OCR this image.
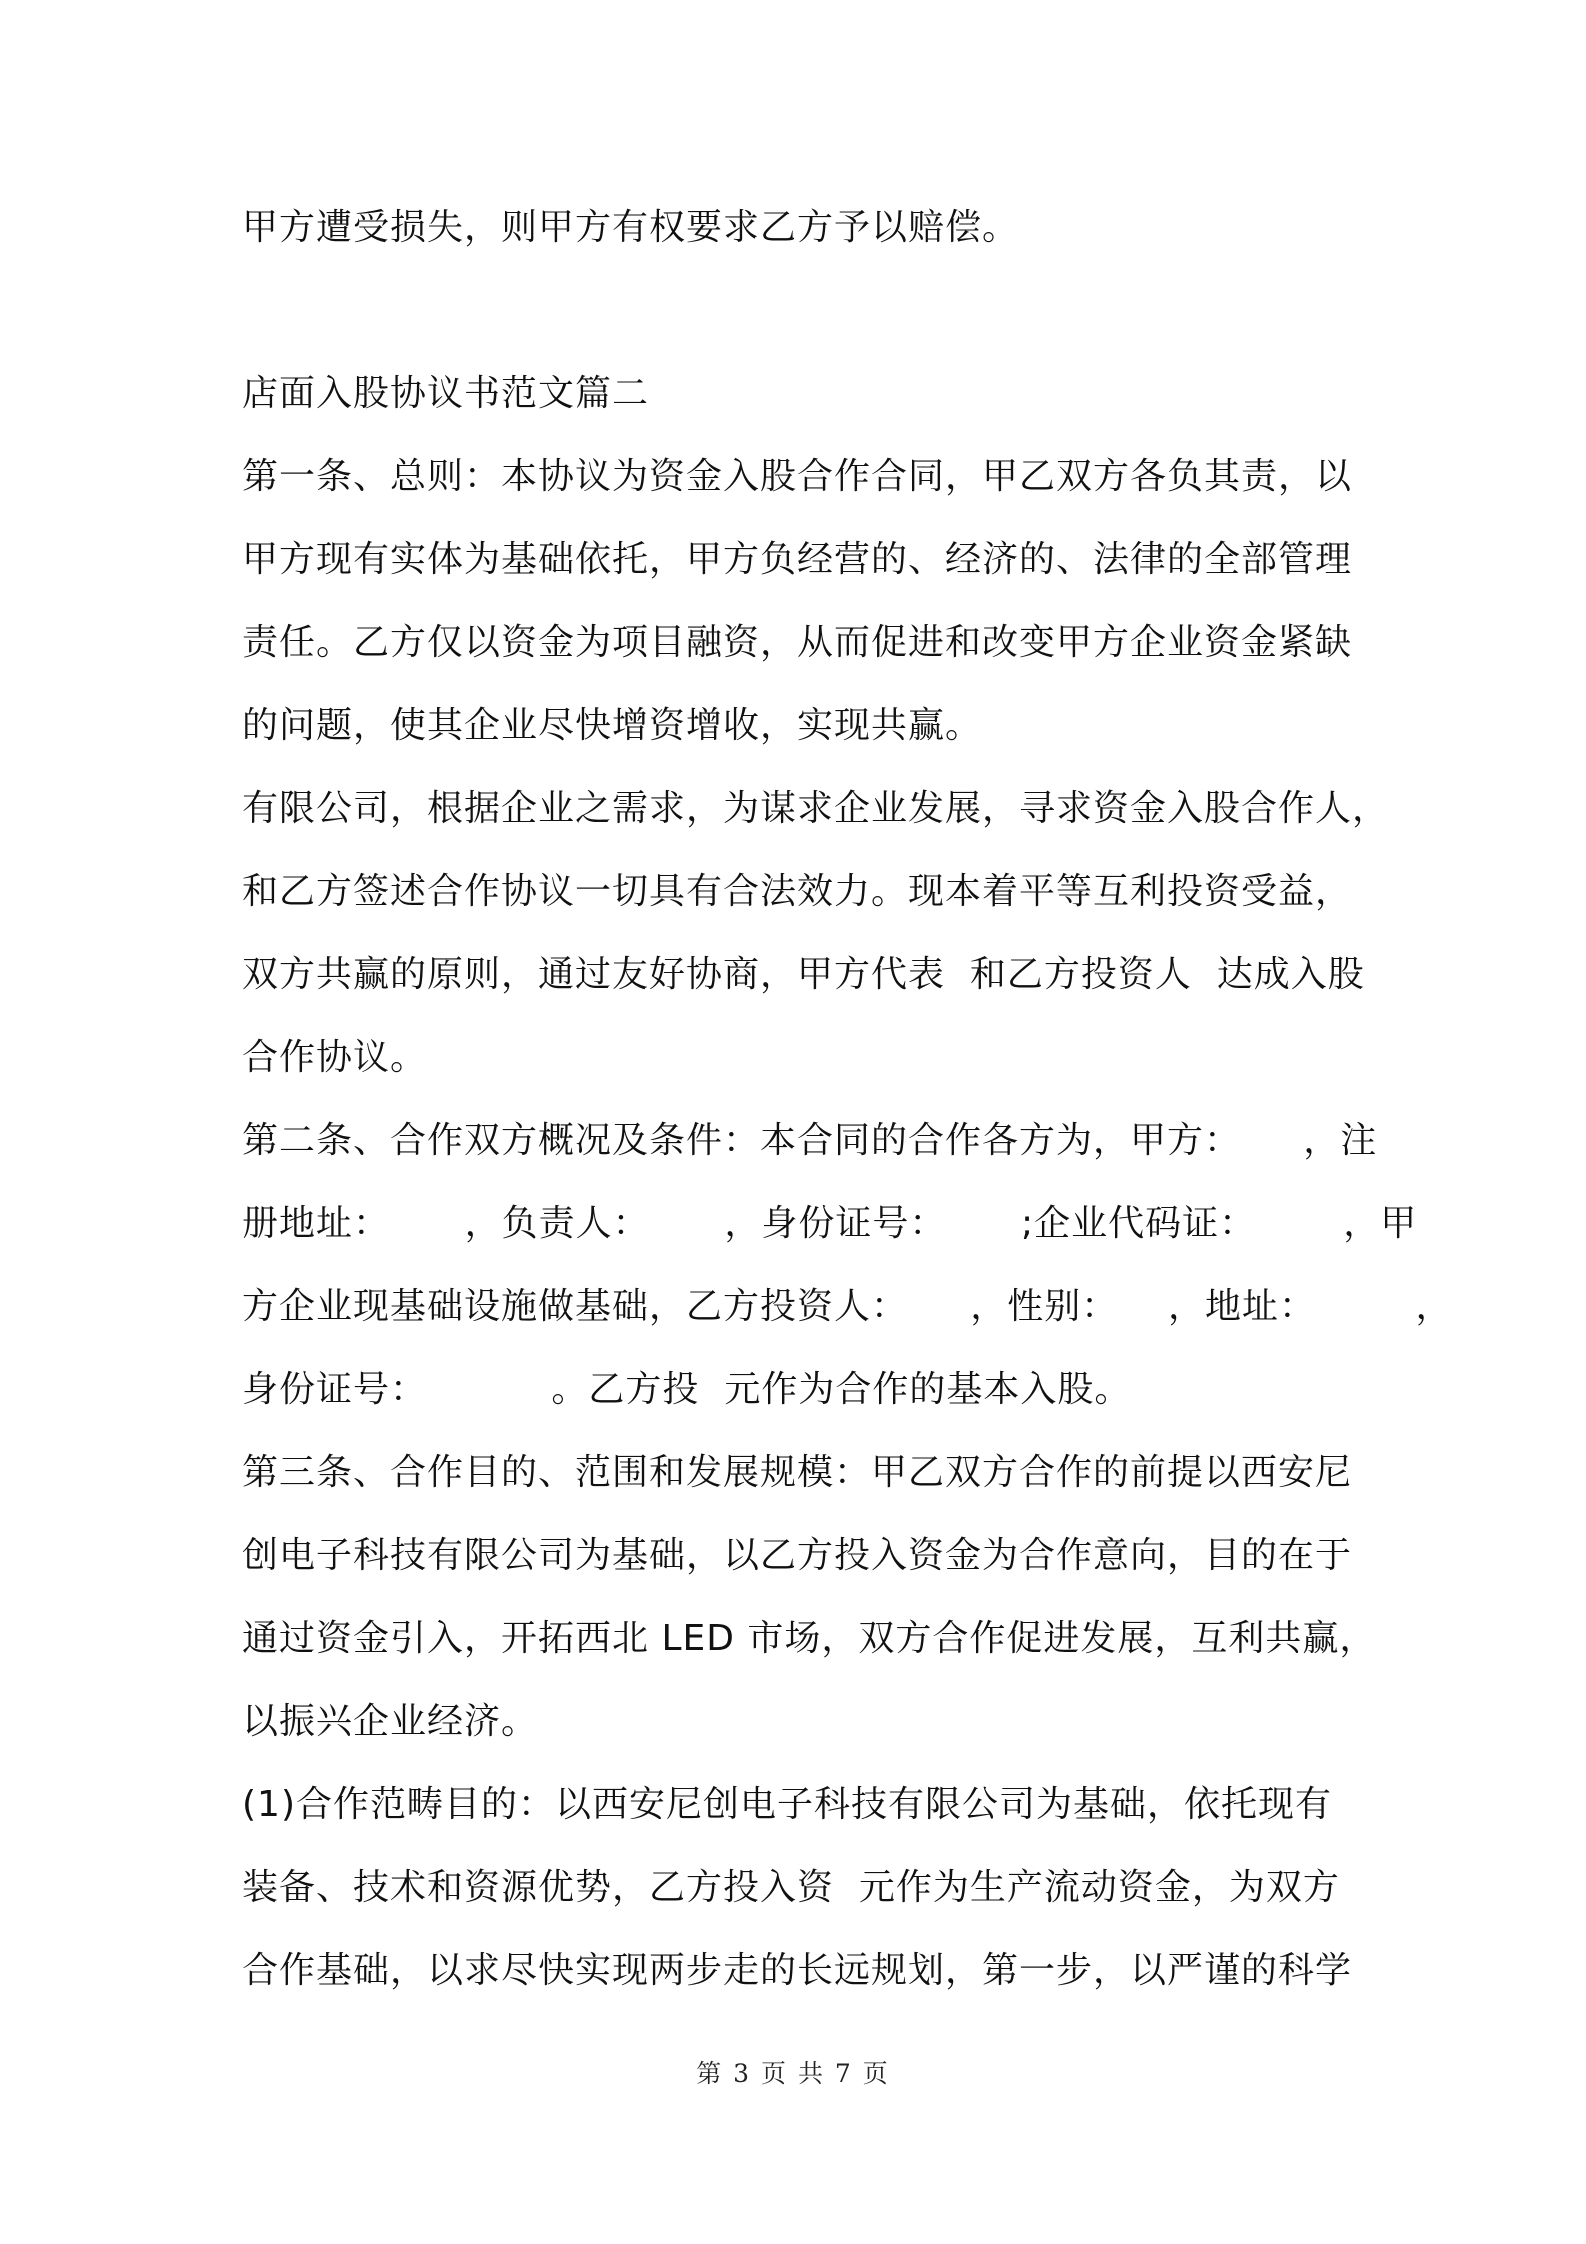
甲方遭受损失，则甲方有权要求乙方予以赔偿。
店面入股协议书范文篇二
第一条、总则：本协议为资金入股合作合同，甲乙双方各负其责，以
甲方现有实体为基础依托，甲方负经营的、经济的、法律的全部管理
责任。乙方仅以资金为项目融资，从而促进和改变甲方企业资金紧缺
的问题，使其企业尽快增资增收，实现共赢。
有限公司，根据企业之需求，为谋求企业发展，寻求资金入股合作人，
和乙方签述合作协议一切具有合法效力。现本着平等互利投资受益，
双方共赢的原则，通过友好协商，甲方代表  和乙方投资人  达成入股
合作协议。
第二条、合作双方概况及条件：本合同的合作各方为，甲方：     ，注
册地址：      ，负责人：      ，身份证号：      ;企业代码证：       ，甲
方企业现基础设施做基础，乙方投资人：     ，性别：    ，地址：        ，
身份证号：          。乙方投  元作为合作的基本入股。
第三条、合作目的、范围和发展规模：甲乙双方合作的前提以西安尼
创电子科技有限公司为基础，以乙方投入资金为合作意向，目的在于
通过资金引入，开拓西北 LED 市场，双方合作促进发展，互利共赢，
以振兴企业经济。
(1)合作范畴目的：以西安尼创电子科技有限公司为基础，依托现有
装备、技术和资源优势，乙方投入资  元作为生产流动资金，为双方
合作基础，以求尽快实现两步走的长远规划，第一步，以严谨的科学
第 3 页 共 7 页
